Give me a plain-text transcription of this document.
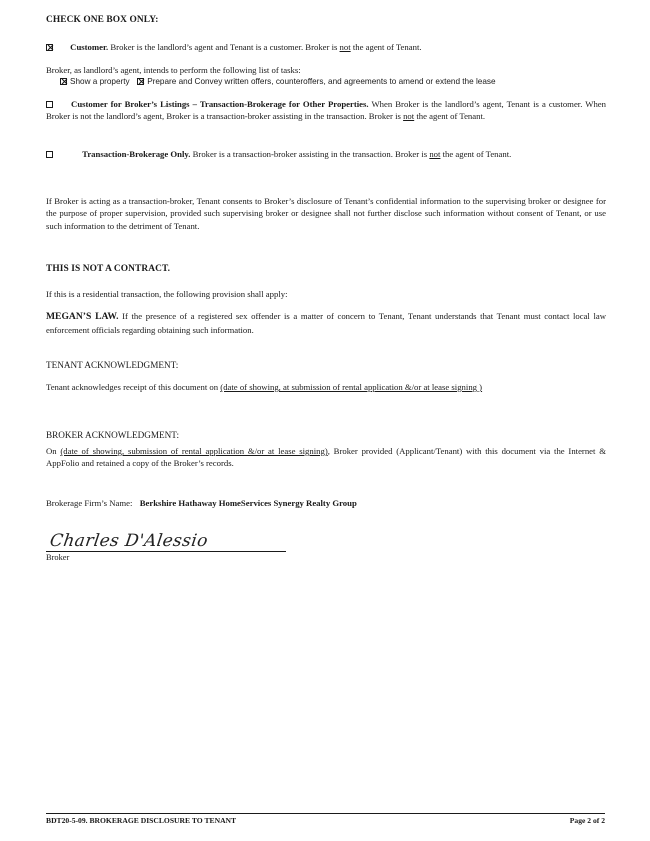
CHECK ONE BOX ONLY:

Customer. Broker is the landlord’s agent and Tenant is a customer. Broker is not the agent of Tenant.

Broker, as landlord’s agent, intends to perform the following list of tasks:

Show a property Prepare and Convey written offers, counteroffers, and agreements to amend or extend the lease

Customer for Broker’s Listings – Transaction-Brokerage for Other Properties. When Broker is the landlord’s agent, Tenant is a customer. When Broker is not the landlord’s agent, Broker is a transaction-broker assisting in the transaction. Broker is not the agent of Tenant.

Transaction-Brokerage Only. Broker is a transaction-broker assisting in the transaction. Broker is not the agent of Tenant.

If Broker is acting as a transaction-broker, Tenant consents to Broker’s disclosure of Tenant’s confidential information to the supervising broker or designee for the purpose of proper supervision, provided such supervising broker or designee shall not further disclose such information without consent of Tenant, or use such information to the detriment of Tenant.

THIS IS NOT A CONTRACT.

If this is a residential transaction, the following provision shall apply:

MEGAN’S LAW. If the presence of a registered sex offender is a matter of concern to Tenant, Tenant understands that Tenant must contact local law enforcement officials regarding obtaining such information.

TENANT ACKNOWLEDGMENT:

Tenant acknowledges receipt of this document on (date of showing, at submission of rental application &/or at lease signing )

BROKER ACKNOWLEDGMENT:

On (date of showing, submission of rental application &/or at lease signing), Broker provided (Applicant/Tenant) with this document via the Internet & AppFolio and retained a copy of the Broker’s records.

Brokerage Firm’s Name: Berkshire Hathaway HomeServices Synergy Realty Group
Charles D'Alessio
Broker
BDT20-5-09. BROKERAGE DISCLOSURE TO TENANT	Page 2 of 2
